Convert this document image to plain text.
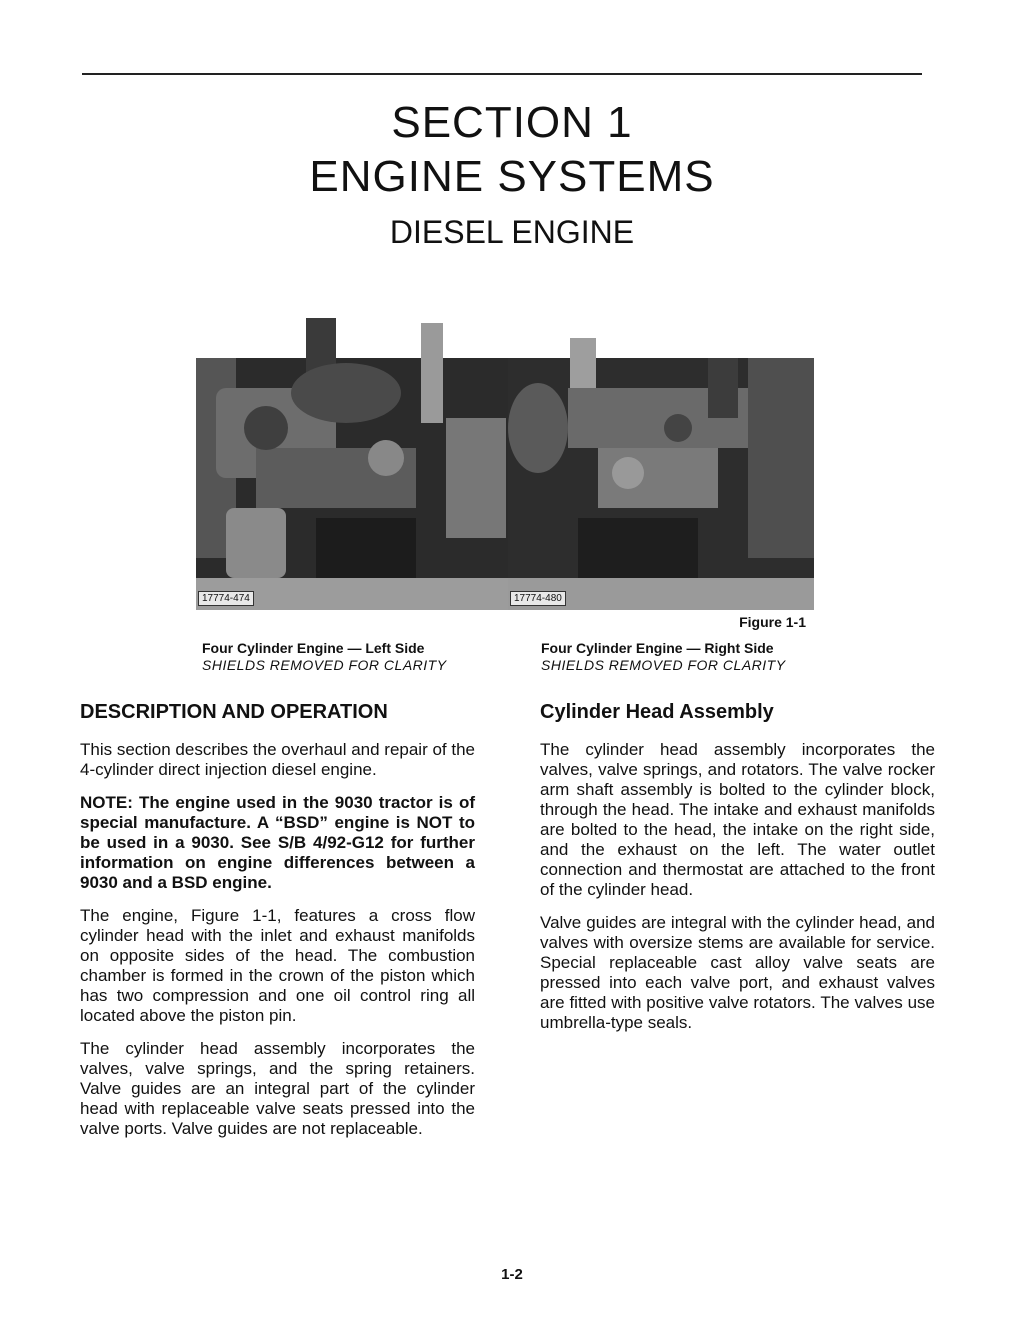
SECTION 1
ENGINE SYSTEMS
DIESEL ENGINE
17774-474	17774-480
Figure 1-1
Four Cylinder Engine — Left Side
SHIELDS REMOVED FOR CLARITY
Four Cylinder Engine — Right Side
SHIELDS REMOVED FOR CLARITY
DESCRIPTION AND OPERATION

This section describes the overhaul and repair of the 4-cylinder direct injection diesel engine.

NOTE: The engine used in the 9030 tractor is of special manufacture. A “BSD” engine is NOT to be used in a 9030. See S/B 4/92-G12 for further information on engine differences between a 9030 and a BSD engine.

The engine, Figure 1-1, features a cross flow cylinder head with the inlet and exhaust manifolds on opposite sides of the head. The combustion chamber is formed in the crown of the piston which has two compression and one oil control ring all located above the piston pin.

The cylinder head assembly incorporates the valves, valve springs, and the spring retainers. Valve guides are an integral part of the cylinder head with replaceable valve seats pressed into the valve ports. Valve guides are not replaceable.

Cylinder Head Assembly

The cylinder head assembly incorporates the valves, valve springs, and rotators. The valve rocker arm shaft assembly is bolted to the cylinder block, through the head. The intake and exhaust manifolds are bolted to the head, the intake on the right side, and the exhaust on the left. The water outlet connection and thermostat are attached to the front of the cylinder head.

Valve guides are integral with the cylinder head, and valves with oversize stems are available for service. Special replaceable cast alloy valve seats are pressed into each valve port, and exhaust valves are fitted with positive valve rotators. The valves use umbrella-type seals.

1-2
